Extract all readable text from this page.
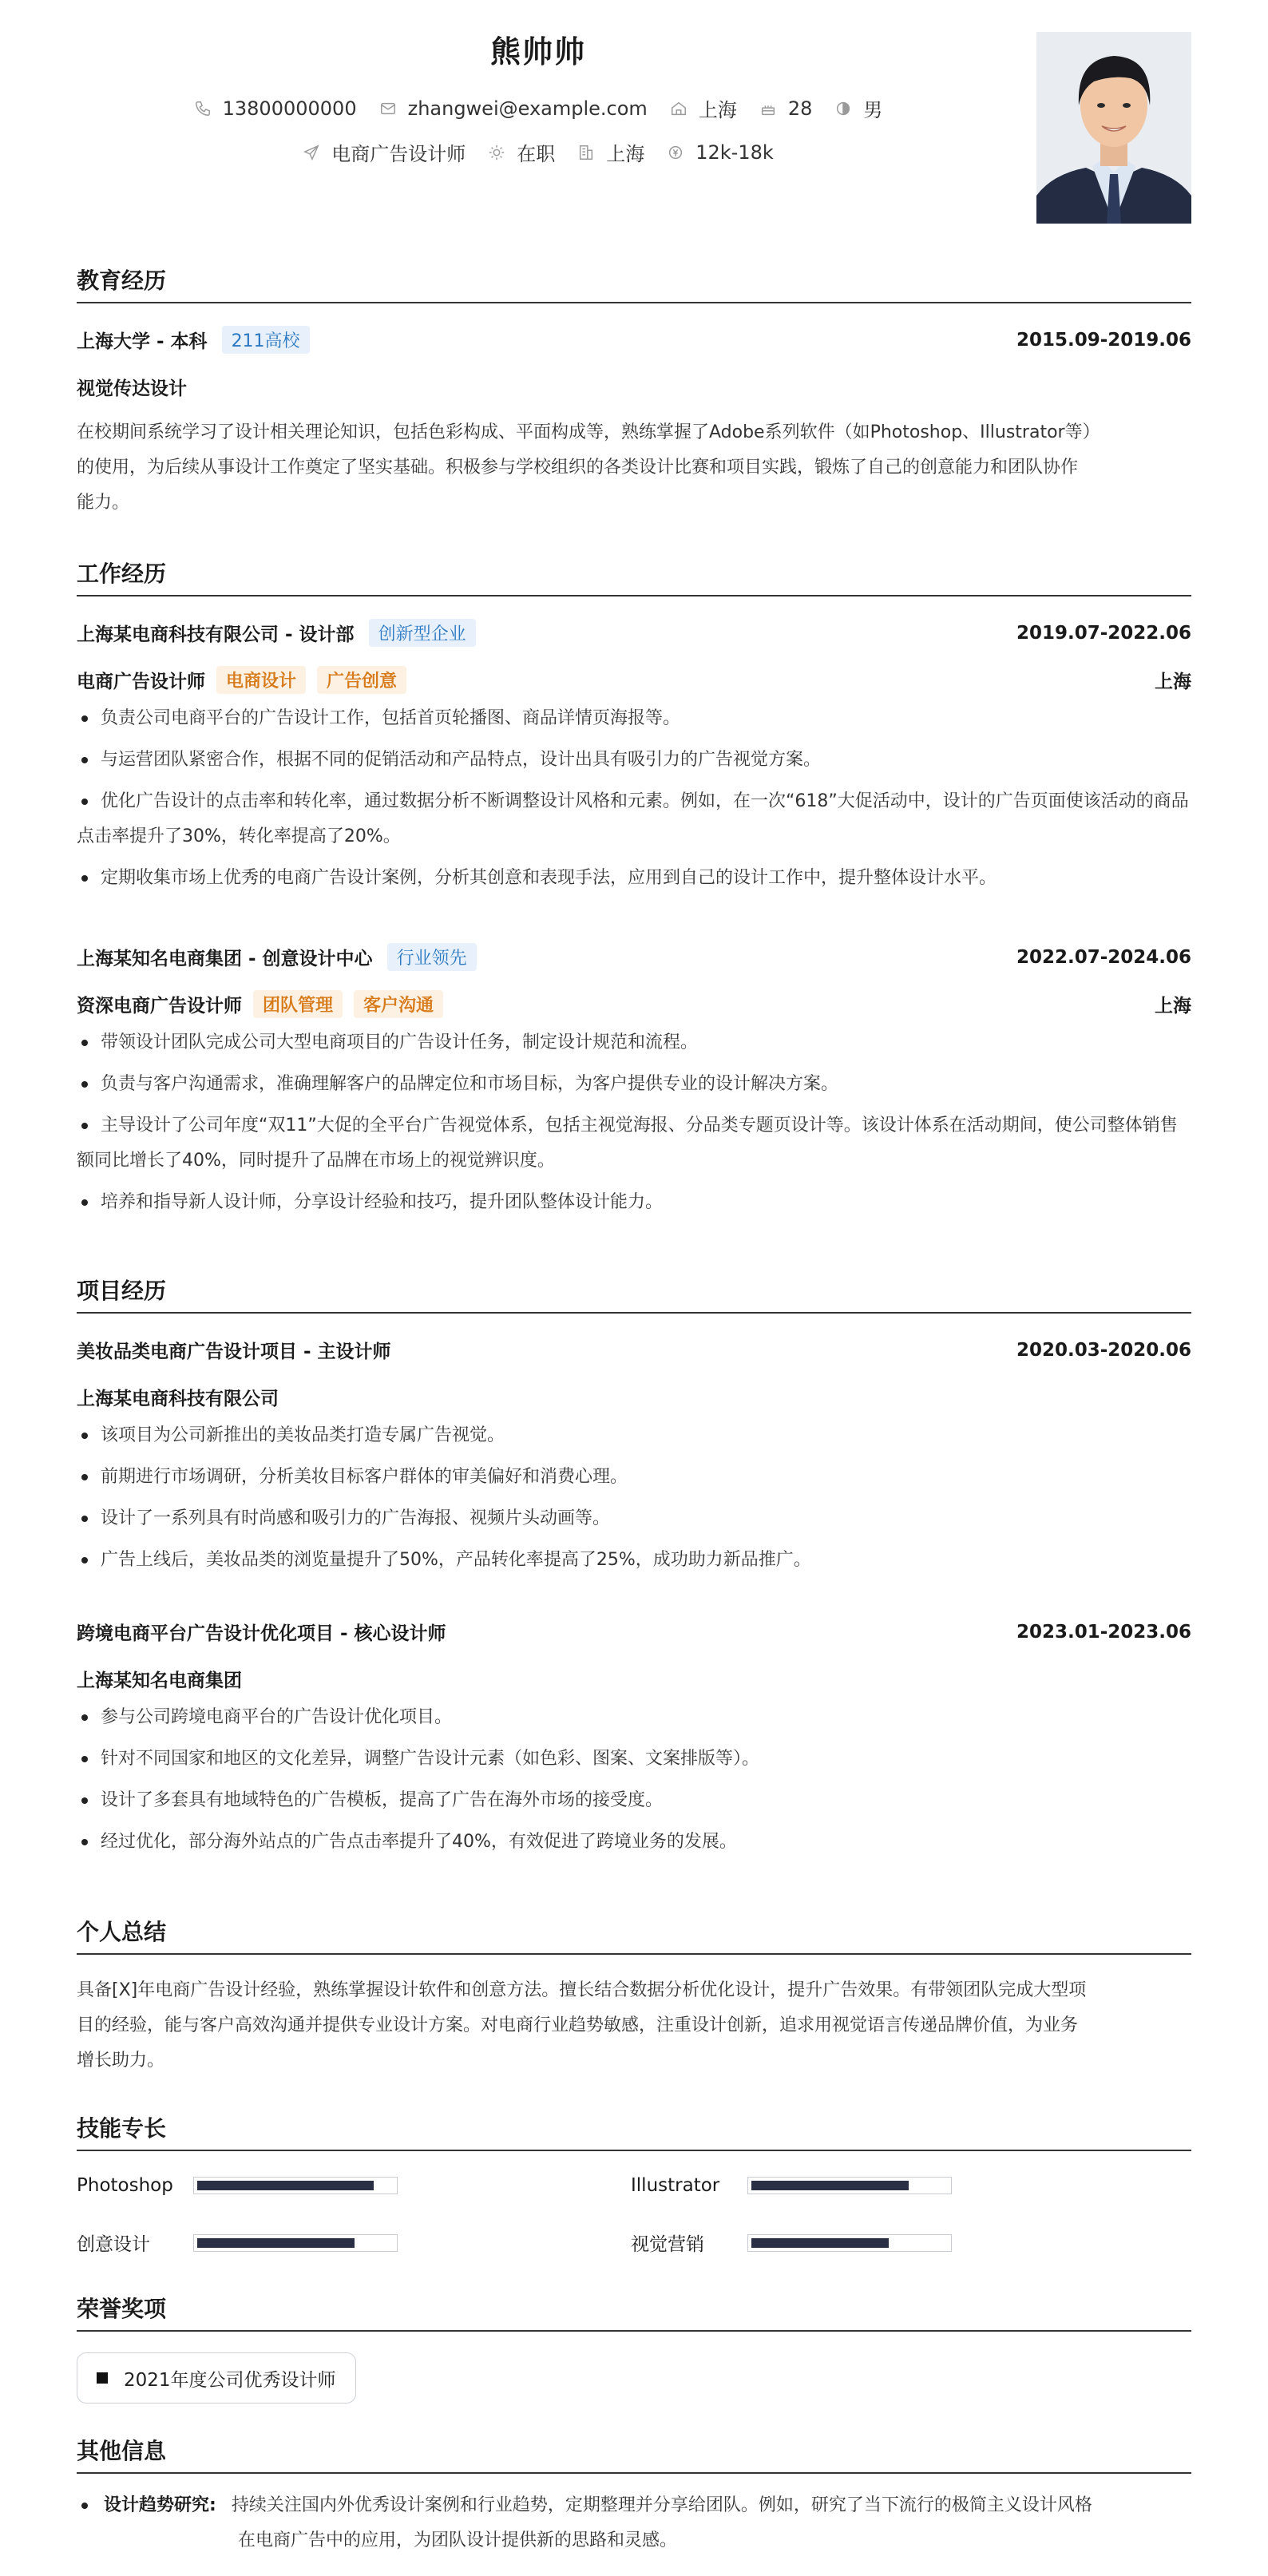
熊帅帅
13800000000	zhangwei@example.com	上海	28	男
电商广告设计师	在职	上海	12k-18k
教育经历
上海大学 - 本科	211高校	2015.09-2019.06
视觉传达设计
在校期间系统学习了设计相关理论知识，包括色彩构成、平面构成等，熟练掌握了Adobe系列软件（如Photoshop、Illustrator等）
的使用，为后续从事设计工作奠定了坚实基础。积极参与学校组织的各类设计比赛和项目实践，锻炼了自己的创意能力和团队协作
能力。
工作经历
上海某电商科技有限公司 - 设计部	创新型企业	2019.07-2022.06
电商广告设计师	电商设计	广告创意	上海
负责公司电商平台的广告设计工作，包括首页轮播图、商品详情页海报等。
与运营团队紧密合作，根据不同的促销活动和产品特点，设计出具有吸引力的广告视觉方案。
优化广告设计的点击率和转化率，通过数据分析不断调整设计风格和元素。例如，在一次“618”大促活动中，设计的广告页面使该活动的商品点击率提升了30%，转化率提高了20%。
定期收集市场上优秀的电商广告设计案例，分析其创意和表现手法，应用到自己的设计工作中，提升整体设计水平。
上海某知名电商集团 - 创意设计中心	行业领先	2022.07-2024.06
资深电商广告设计师	团队管理	客户沟通	上海
带领设计团队完成公司大型电商项目的广告设计任务，制定设计规范和流程。
负责与客户沟通需求，准确理解客户的品牌定位和市场目标，为客户提供专业的设计解决方案。
主导设计了公司年度“双11”大促的全平台广告视觉体系，包括主视觉海报、分品类专题页设计等。该设计体系在活动期间，使公司整体销售额同比增长了40%，同时提升了品牌在市场上的视觉辨识度。
培养和指导新人设计师，分享设计经验和技巧，提升团队整体设计能力。
项目经历
美妆品类电商广告设计项目 - 主设计师	2020.03-2020.06
上海某电商科技有限公司
该项目为公司新推出的美妆品类打造专属广告视觉。
前期进行市场调研，分析美妆目标客户群体的审美偏好和消费心理。
设计了一系列具有时尚感和吸引力的广告海报、视频片头动画等。
广告上线后，美妆品类的浏览量提升了50%，产品转化率提高了25%，成功助力新品推广。
跨境电商平台广告设计优化项目 - 核心设计师	2023.01-2023.06
上海某知名电商集团
参与公司跨境电商平台的广告设计优化项目。
针对不同国家和地区的文化差异，调整广告设计元素（如色彩、图案、文案排版等）。
设计了多套具有地域特色的广告模板，提高了广告在海外市场的接受度。
经过优化，部分海外站点的广告点击率提升了40%，有效促进了跨境业务的发展。
个人总结
具备[X]年电商广告设计经验，熟练掌握设计软件和创意方法。擅长结合数据分析优化设计，提升广告效果。有带领团队完成大型项
目的经验，能与客户高效沟通并提供专业设计方案。对电商行业趋势敏感，注重设计创新，追求用视觉语言传递品牌价值，为业务
增长助力。
技能专长
Photoshop	Illustrator
创意设计	视觉营销
荣誉奖项
2021年度公司优秀设计师
其他信息
设计趋势研究: 持续关注国内外优秀设计案例和行业趋势，定期整理并分享给团队。例如，研究了当下流行的极简主义设计风格
在电商广告中的应用，为团队设计提供新的思路和灵感。
